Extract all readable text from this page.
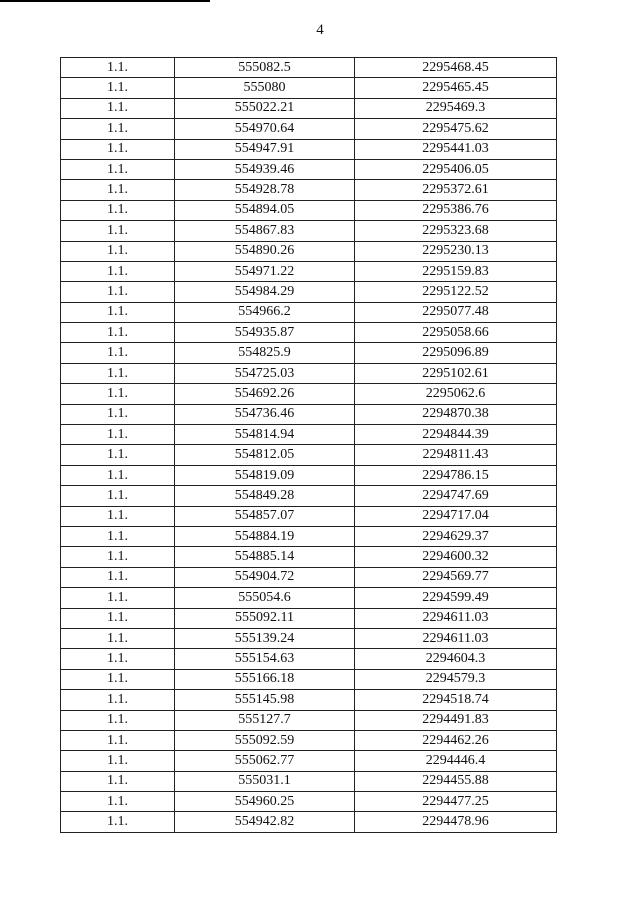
4
1.1.	555082.5	2295468.45
1.1.	555080	2295465.45
1.1.	555022.21	2295469.3
1.1.	554970.64	2295475.62
1.1.	554947.91	2295441.03
1.1.	554939.46	2295406.05
1.1.	554928.78	2295372.61
1.1.	554894.05	2295386.76
1.1.	554867.83	2295323.68
1.1.	554890.26	2295230.13
1.1.	554971.22	2295159.83
1.1.	554984.29	2295122.52
1.1.	554966.2	2295077.48
1.1.	554935.87	2295058.66
1.1.	554825.9	2295096.89
1.1.	554725.03	2295102.61
1.1.	554692.26	2295062.6
1.1.	554736.46	2294870.38
1.1.	554814.94	2294844.39
1.1.	554812.05	2294811.43
1.1.	554819.09	2294786.15
1.1.	554849.28	2294747.69
1.1.	554857.07	2294717.04
1.1.	554884.19	2294629.37
1.1.	554885.14	2294600.32
1.1.	554904.72	2294569.77
1.1.	555054.6	2294599.49
1.1.	555092.11	2294611.03
1.1.	555139.24	2294611.03
1.1.	555154.63	2294604.3
1.1.	555166.18	2294579.3
1.1.	555145.98	2294518.74
1.1.	555127.7	2294491.83
1.1.	555092.59	2294462.26
1.1.	555062.77	2294446.4
1.1.	555031.1	2294455.88
1.1.	554960.25	2294477.25
1.1.	554942.82	2294478.96
